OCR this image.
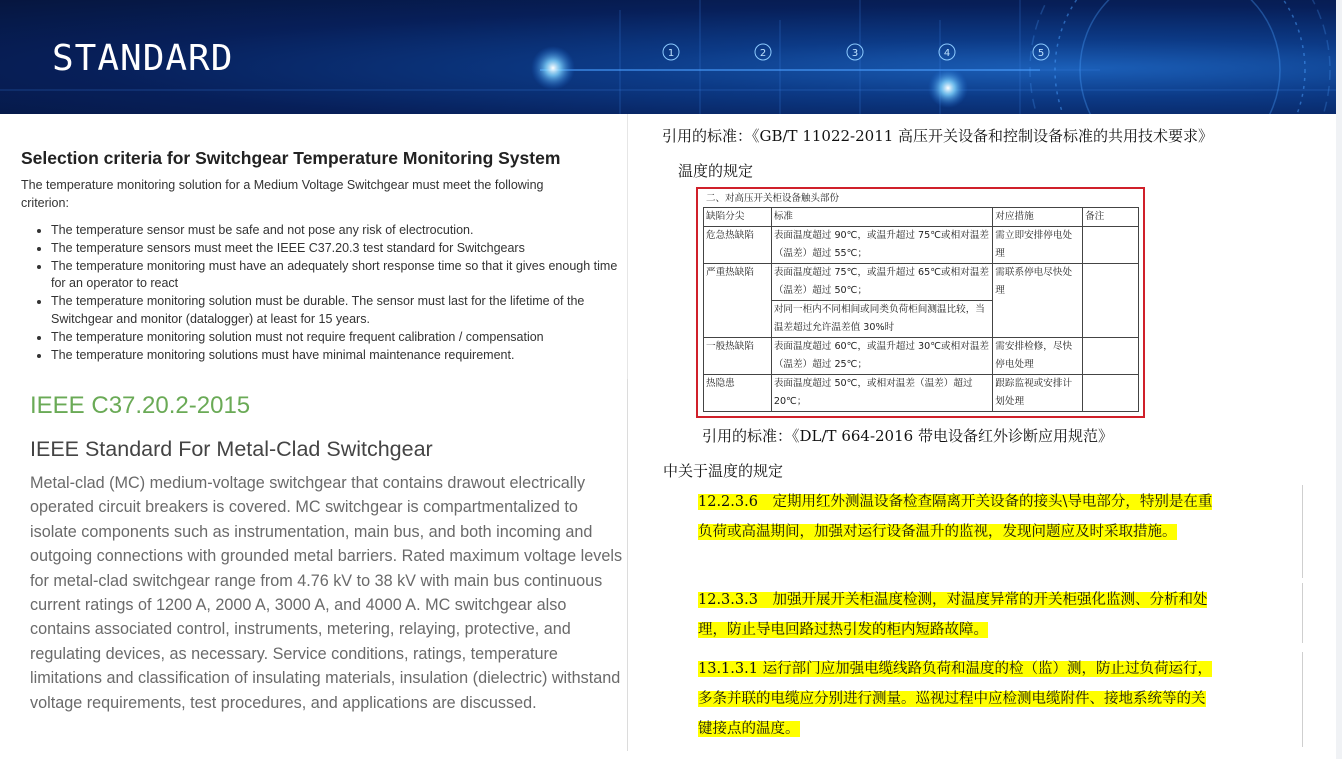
1	2	3	4	5
STANDARD
Selection criteria for Switchgear Temperature Monitoring System

The temperature monitoring solution for a Medium Voltage Switchgear must meet the following criterion:

• The temperature sensor must be safe and not pose any risk of electrocution.
• The temperature sensors must meet the IEEE C37.20.3 test standard for Switchgears
• The temperature monitoring must have an adequately short response time so that it gives enough time for an operator to react
• The temperature monitoring solution must be durable. The sensor must last for the lifetime of the Switchgear and monitor (datalogger) at least for 15 years.
• The temperature monitoring solution must not require frequent calibration / compensation
• The temperature monitoring solutions must have minimal maintenance requirement.

IEEE C37.20.2-2015

IEEE Standard For Metal-Clad Switchgear

Metal-clad (MC) medium-voltage switchgear that contains drawout electrically operated circuit breakers is covered. MC switchgear is compartmentalized to isolate components such as instrumentation, main bus, and both incoming and outgoing connections with grounded metal barriers. Rated maximum voltage levels for metal-clad switchgear range from 4.76 kV to 38 kV with main bus continuous current ratings of 1200 A, 2000 A, 3000 A, and 4000 A. MC switchgear also contains associated control, instruments, metering, relaying, protective, and regulating devices, as necessary. Service conditions, ratings, temperature limitations and classification of insulating materials, insulation (dielectric) withstand voltage requirements, test procedures, and applications are discussed.

引用的标准：《GB/T 11022-2011 高压开关设备和控制设备标准的共用技术要求》
温度的规定
二、对高压开关柜设备触头部份
缺陷分尖	标准	对应措施	备注
危急热缺陷	表面温度超过 90℃，或温升超过 75℃或相对温差（温差）超过 55℃；	需立即安排停电处理	
严重热缺陷	表面温度超过 75℃，或温升超过 65℃或相对温差（温差）超过 50℃；	需联系停电尽快处理	
	对同一柜内不同相间或同类负荷柜间测温比较，当温差超过允许温差值 30%时		
一般热缺陷	表面温度超过 60℃，或温升超过 30℃或相对温差（温差）超过 25℃；	需安排检修，尽快停电处理	
热隐患	表面温度超过 50℃，或相对温差（温差）超过 20℃；	跟踪监视或安排计划处理	
引用的标准：《DL/T 664-2016 带电设备红外诊断应用规范》
中关于温度的规定
12.2.3.6　定期用红外测温设备检查隔离开关设备的接头\导电部分，特别是在重负荷或高温期间，加强对运行设备温升的监视，发现问题应及时采取措施。
12.3.3.3　加强开展开关柜温度检测，对温度异常的开关柜强化监测、分析和处理，防止导电回路过热引发的柜内短路故障。
13.1.3.1 运行部门应加强电缆线路负荷和温度的检（监）测，防止过负荷运行，多条并联的电缆应分别进行测量。巡视过程中应检测电缆附件、接地系统等的关键接点的温度。
